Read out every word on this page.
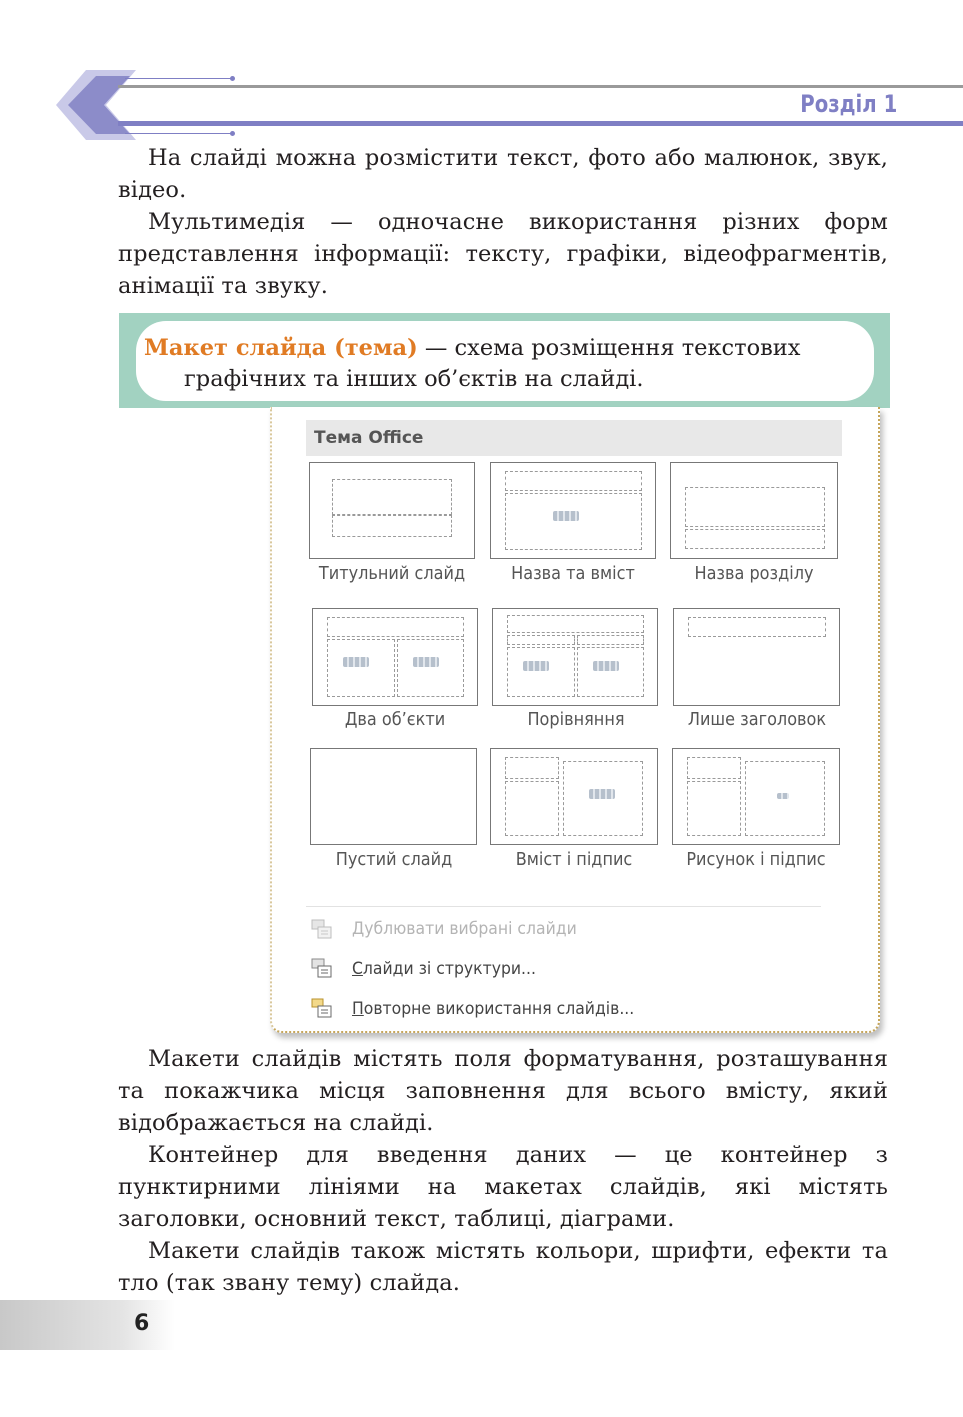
Розділ 1

На слайді можна розмістити текст, фото або малюнок, звук, відео.

Мультимедія — одночасне використання різних форм представлення інформації: тексту, графіки, відеофрагментів, анімації та звуку.

Макет слайда (тема) — схема розміщення текстових
графічних та інших об’єктів на слайді.
Тема Office
Титульний слайд	Назва та вміст	Назва розділу
Два об’єкти	Порівняння	Лише заголовок
Пустий слайд	Вміст і підпис	Рисунок і підпис
Дублювати вибрані слайди
Слайди зі структури...
Повторне використання слайдів...

Макети слайдів містять поля форматування, розташування та покажчика місця заповнення для всього вмісту, який відображається на слайді.

Контейнер для введення даних — це контейнер з пунктирними лініями на макетах слайдів, які містять заголовки, основний текст, таблиці, діаграми.

Макети слайдів також містять кольори, шрифти, ефекти та тло (так звану тему) слайда.

6
